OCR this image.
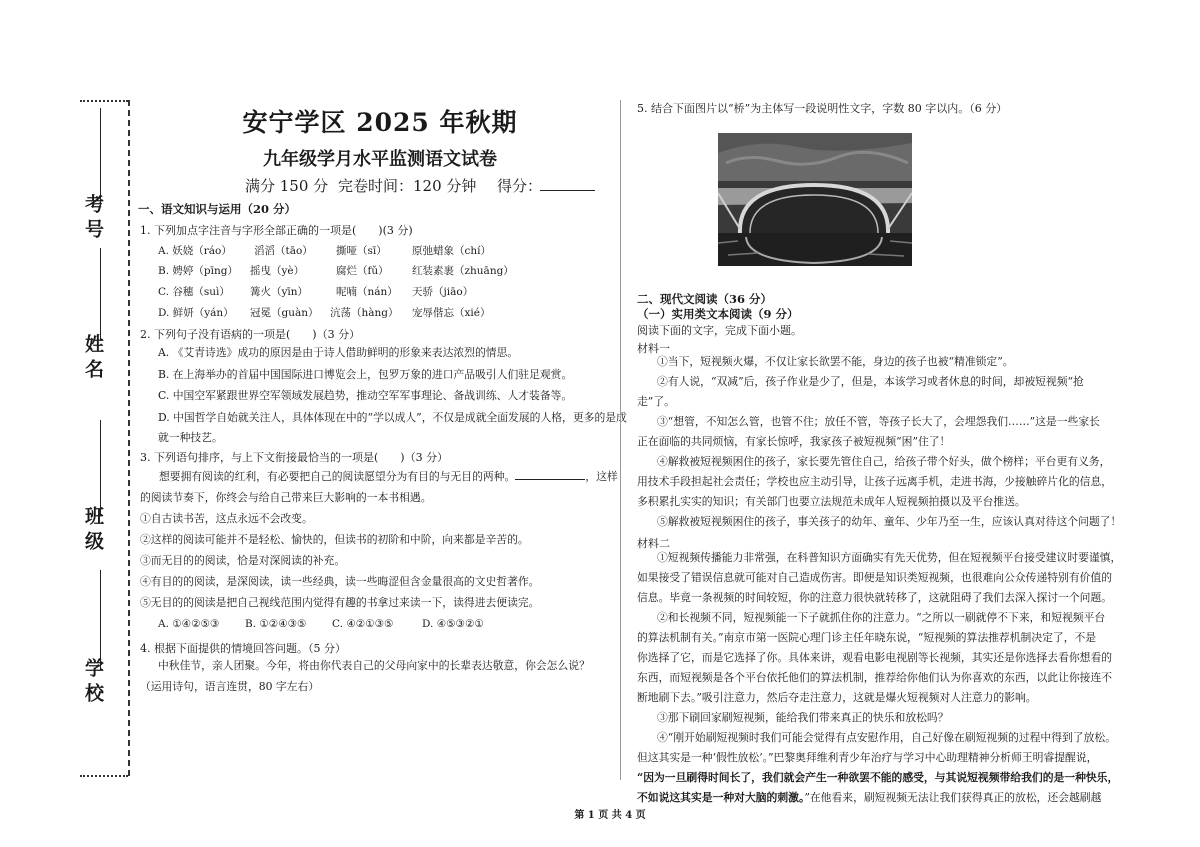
考号
姓名
班级
学校
安宁学区 2025 年秋期
九年级学月水平监测语文试卷
满分 150 分 完卷时间：120 分钟 得分：
一、语文知识与运用（20 分）
1. 下列加点字注音与字形全部正确的一项是(　　)(3 分)
A. 妖娆（ráo） 滔滔（tāo） 撕哑（sī） 原弛蜡象（chí）
B. 娉婷（pīng） 摇曳（yè）	腐烂（fǔ） 红装素裹（zhuāng）
C. 谷穗（suì） 篝火（yīn）	呢喃（nán） 天骄（jiāo）
D. 鲜妍（yán） 冠冕（guàn） 沆荡（hàng） 宠辱偕忘（xié）
2. 下列句子没有语病的一项是(　　)（3 分）
A. 《艾青诗选》成功的原因是由于诗人借助鲜明的形象来表达浓烈的情思。
B. 在上海举办的首届中国国际进口博览会上，包罗万象的进口产品吸引人们驻足观赏。
C. 中国空军紧跟世界空军领域发展趋势，推动空军军事理论、备战训练、人才装备等。
D. 中国哲学自始就关注人，具体体现在中的“学以成人”，不仅是成就全面发展的人格，更多的是成
就一种技艺。
3. 下列语句排序，与上下文衔接最恰当的一项是(　　)（3 分）
想要拥有阅读的红利，有必要把自己的阅读愿望分为有目的与无目的两种。	，这样
的阅读节奏下，你终会与给自己带来巨大影响的一本书相遇。
①自古读书苦，这点永远不会改变。
②这样的阅读可能并不是轻松、愉快的，但读书的初阶和中阶，向来都是辛苦的。
③而无目的的阅读，恰是对深阅读的补充。
④有目的的阅读，是深阅读，读一些经典，读一些晦涩但含金量很高的文史哲著作。
⑤无目的的阅读是把自己视线范围内觉得有趣的书拿过来读一下，读得进去便读完。
A. ①④②⑤③ B. ①②④③⑤ C. ④②①③⑤	D. ④⑤③②①
4. 根据下面提供的情境回答问题。（5 分）
中秋佳节，亲人团聚。今年，将由你代表自己的父母向家中的长辈表达敬意，你会怎么说？
（运用诗句，语言连贯，80 字左右）
5. 结合下面图片以“桥”为主体写一段说明性文字，字数 80 字以内。（6 分）
二、现代文阅读（36 分）
（一）实用类文本阅读（9 分）
阅读下面的文字，完成下面小题。
材料一
①当下，短视频火爆，不仅让家长欲罢不能，身边的孩子也被“精准锁定”。
②有人说，“双减”后，孩子作业是少了，但是，本该学习或者休息的时间，却被短视频“抢
走”了。
③“想管，不知怎么管，也管不住；放任不管，等孩子长大了，会埋怨我们……”这是一些家长
正在面临的共同烦恼，有家长惊呼，我家孩子被短视频“困”住了！
④解救被短视频困住的孩子，家长要先管住自己，给孩子带个好头，做个榜样；平台更有义务，
用技术手段担起社会责任；学校也应主动引导，让孩子远离手机，走进书海，少接触碎片化的信息，
多积累扎实实的知识；有关部门也要立法规范未成年人短视频拍摄以及平台推送。
⑤解救被短视频困住的孩子，事关孩子的幼年、童年、少年乃至一生，应该认真对待这个问题了！
材料二
①短视频传播能力非常强，在科普知识方面确实有先天优势，但在短视频平台接受建议时要谨慎，
如果接受了错误信息就可能对自己造成伤害。即便是知识类短视频，也很难向公众传递特别有价值的
信息。毕竟一条视频的时间较短，你的注意力很快就转移了，这就阻碍了我们去深入探讨一个问题。
②和长视频不同，短视频能一下子就抓住你的注意力。“之所以一刷就停不下来，和短视频平台
的算法机制有关。”南京市第一医院心理门诊主任年晓东说，“短视频的算法推荐机制决定了，不是
你选择了它，而是它选择了你。具体来讲，观看电影电视剧等长视频，其实还是你选择去看你想看的
东西，而短视频是各个平台依托他们的算法机制，推荐给你他们认为你喜欢的东西，以此让你接连不
断地刷下去。”吸引注意力，然后夺走注意力，这就是爆火短视频对人注意力的影响。
③那下刷回家刷短视频，能给我们带来真正的快乐和放松吗？
④“刚开始刷短视频时我们可能会觉得有点安慰作用，自己好像在刷短视频的过程中得到了放松。
但这其实是一种‘假性放松’。”巴黎奥拜维利青少年治疗与学习中心助理精神分析师王明睿提醒说，
“因为一旦刷得时间长了，我们就会产生一种欲罢不能的感受，与其说短视频带给我们的是一种快乐，
不如说这其实是一种对大脑的刺激。”在他看来，刷短视频无法让我们获得真正的放松，还会越刷越
第 1 页 共 4 页
